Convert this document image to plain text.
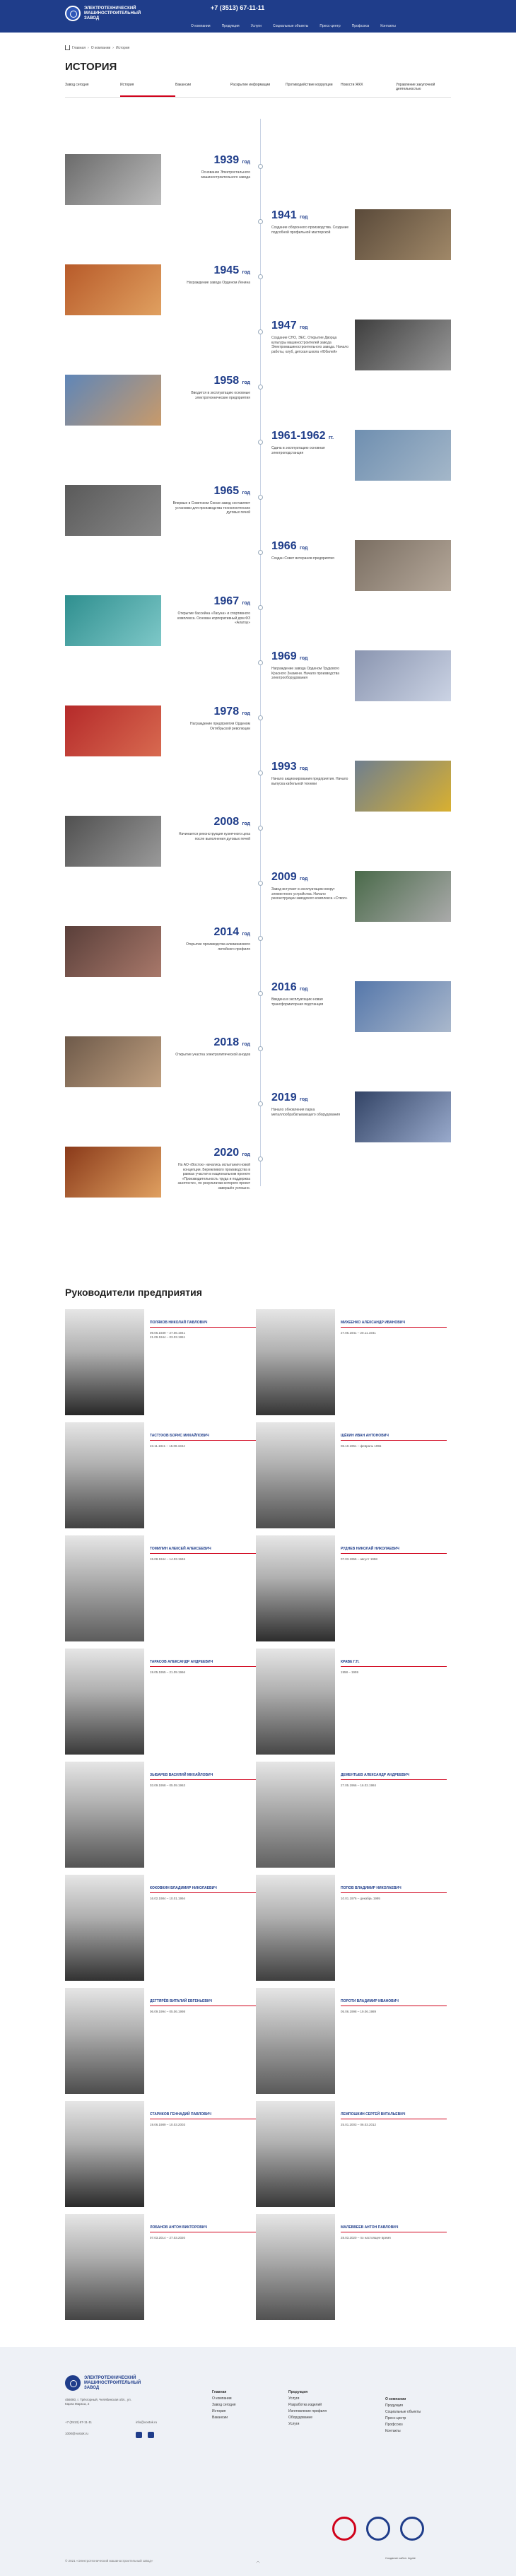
ЭЛЕКТРОТЕХНИЧЕСКИЙ МАШИНОСТРОИТЕЛЬНЫЙ ЗАВОД
+7 (3513) 67-11-11
О компании	Продукция	Услуги	Социальные объекты	Пресс-центр	Профсоюз	Контакты
Главная › О компании › История
ИСТОРИЯ
Завод сегодня	История	Вакансии	Раскрытие информации	Противодействие коррупции	Новости ЖКХ	Управление закупочной деятельностью
1939 год
Основание Электростального машиностроительного завода
1941 год
Создание оборонного производства. Создание подсобной профильной мастерской
1945 год
Награждение завода Орденом Ленина
1947 год
Создание СНО, ЭЕС. Открытие Дворца культуры машиностроителей завода Электромашиностроительного завода. Начало работы, клуб, детская школа «Юбилей»
1958 год
Вводится в эксплуатацию основные электротехнические предприятия
1961-1962 гг.
Сдача в эксплуатацию основная электроподстанция
1965 год
Впервые в Советском Союзе завод составляет установки для производства технологических дуговых печей
1966 год
Создан Совет ветеранов предприятия
1967 год
Открытие бассейна «Лагуна» и спортивного комплекса. Основан корпоративный дом ФЗ «Алатау»
1969 год
Награждение завода Орденом Трудового Красного Знамени. Начало производства электрооборудования
1978 год
Награждение предприятия Орденом Октябрьской революции
1993 год
Начало акционирования предприятия. Начало выпуска кабельной техники
2008 год
Начинается реконструкция кузнечного цеха после выполнения дуговых печей
2009 год
Завод вступает в эксплуатацию вокруг элементного устройства. Начало реконструкции заводского комплекса «Ствол»
2014 год
Открытие производства алюминиевого литейного профиля
2016 год
Введена в эксплуатацию новая трансформаторная подстанция
2018 год
Открытие участка электролитической анодов
2019 год
Начало обновления парка металлообрабатывающего оборудования
2020 год
На АО «Восток» начались испытания новой концепции. Бережливого производства в рамках участия в национальном проекте «Производительность труда и поддержка занятости», по результатам которого проект завершён успешно.
Руководители предприятия
ПОЛЯКОВ НИКОЛАЙ ПАВЛОВИЧ
09.06.1939 – 27.06.1941
21.09.1944 – 03.03.1951
МИХЕЕНКО АЛЕКСАНДР ИВАНОВИЧ
27.06.1941 – 20.11.1941
ТАСТУХОВ БОРИС МИХАЙЛОВИЧ
23.11.1941 – 15.08.1944
ЩЁКИН ИВАН АНТОНОВИЧ
06.10.1951 – февраль 1955
ТОМИЛИН АЛЕКСЕЙ АЛЕКСЕЕВИЧ
15.08.1944 – 14.03.1946
РУДНЕВ НИКОЛАЙ НИКОЛАЕВИЧ
07.03.1955 – август 1958
ТАРАСОВ АЛЕКСАНДР АНДРЕЕВИЧ
19.05.1955 – 21.09.1966
КРАВЕ Г.П.
1958 – 1959
ЗЫБАРЕВ ВАСИЛИЙ МИХАЙЛОВИЧ
03.09.1958 – 05.09.1963
ДЕМЕНТЬЕВ АЛЕКСАНДР АНДРЕЕВИЧ
27.05.1966 – 16.02.1984
КОКОВКИН ВЛАДИМИР НИКОЛАЕВИЧ
16.02.1984 – 10.01.1994
ПОПОВ ВЛАДИМИР НИКОЛАЕВИЧ
10.01.1976 – декабрь 1995
ДЕГТЯРЁВ ВИТАЛИЙ ЕВГЕНЬЕВИЧ
06.09.1994 – 05.06.1998
ПОРОТИ ВЛАДИМИР ИВАНОВИЧ
05.06.1998 – 19.06.1989
СТАРИКОВ ГЕННАДИЙ ПАВЛОВИЧ
19.06.1989 – 10.03.2003
ЛЕМПОШКИН СЕРГЕЙ ВИТАЛЬЕВИЧ
25.01.2003 – 06.03.2012
ЛОБАНОВ АНТОН ВИКТОРОВИЧ
07.03.2014 – 27.03.2020
МАЛЕВВЕЕВ АНТОН ПАВЛОВИЧ
28.03.2020 – по настоящее время
ЭЛЕКТРОТЕХНИЧЕСКИЙ МАШИНОСТРОИТЕЛЬНЫЙ ЗАВОД
456080, г. Трёхгорный, Челябинская обл., ул. Карла Маркса, 2
+7 (3513) 67-11-11	info@vostok.ru
1000@vostok.ru
Главная
О компании
Завод сегодня
История
Вакансии
Продукция
Услуги
Разработка изделий
Изготовление профиля
Оборудование
Услуги
О компании
Продукция
Социальные объекты
Пресс-центр
Профсоюз
Контакты
© 2021 «Электротехнический машиностроительный завод»	︿
Создание сайта: Ingate
